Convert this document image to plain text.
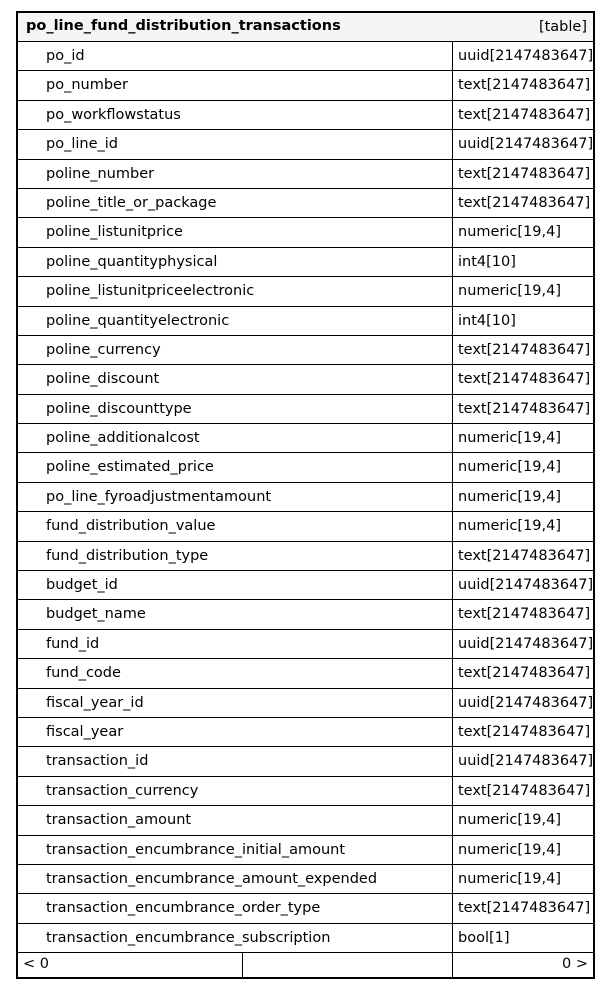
po_line_fund_distribution_transactions	[table]
po_id	uuid[2147483647]
po_number	text[2147483647]
po_workflowstatus	text[2147483647]
po_line_id	uuid[2147483647]
poline_number	text[2147483647]
poline_title_or_package	text[2147483647]
poline_listunitprice	numeric[19,4]
poline_quantityphysical	int4[10]
poline_listunitpriceelectronic	numeric[19,4]
poline_quantityelectronic	int4[10]
poline_currency	text[2147483647]
poline_discount	text[2147483647]
poline_discounttype	text[2147483647]
poline_additionalcost	numeric[19,4]
poline_estimated_price	numeric[19,4]
po_line_fyroadjustmentamount	numeric[19,4]
fund_distribution_value	numeric[19,4]
fund_distribution_type	text[2147483647]
budget_id	uuid[2147483647]
budget_name	text[2147483647]
fund_id	uuid[2147483647]
fund_code	text[2147483647]
fiscal_year_id	uuid[2147483647]
fiscal_year	text[2147483647]
transaction_id	uuid[2147483647]
transaction_currency	text[2147483647]
transaction_amount	numeric[19,4]
transaction_encumbrance_initial_amount	numeric[19,4]
transaction_encumbrance_amount_expended	numeric[19,4]
transaction_encumbrance_order_type	text[2147483647]
transaction_encumbrance_subscription	bool[1]
< 0	0 >
